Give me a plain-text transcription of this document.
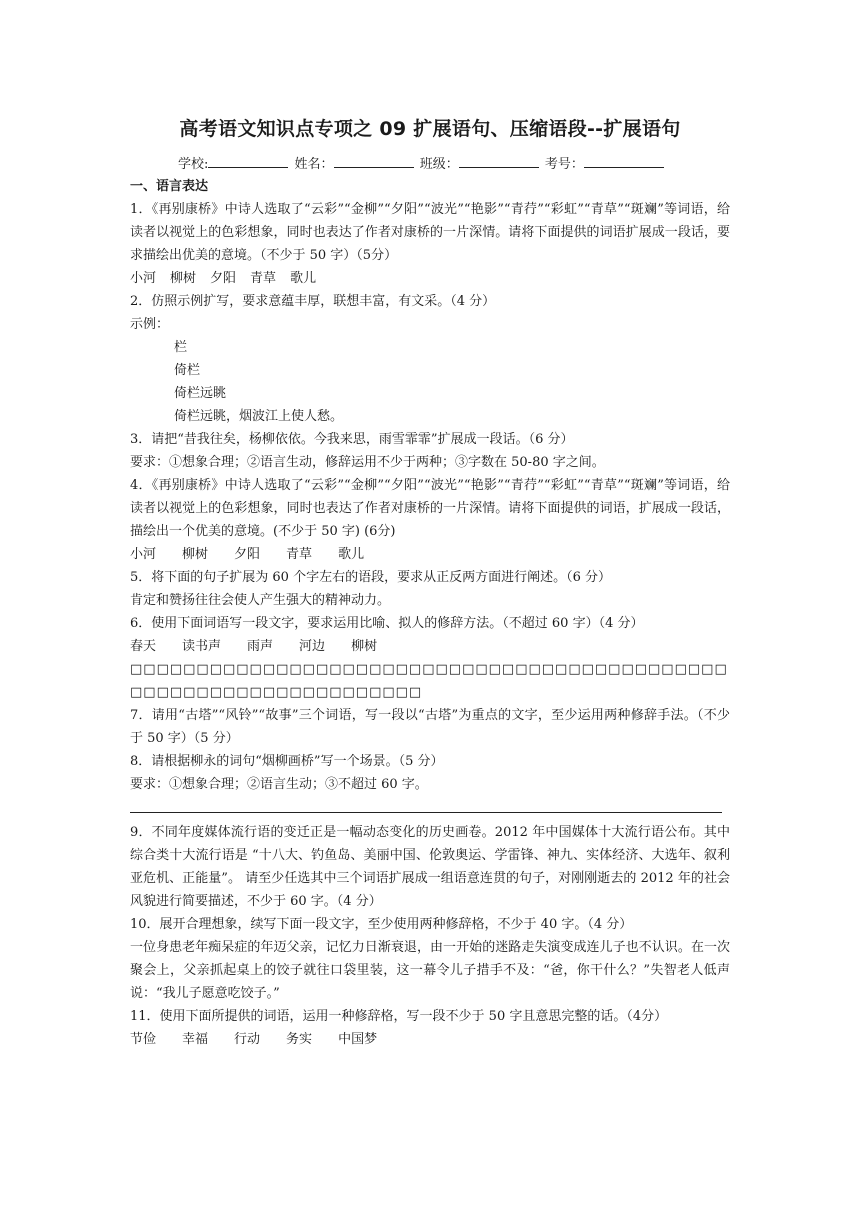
高考语文知识点专项之 09 扩展语句、压缩语段--扩展语句
学校:	姓名：	班级：	考号：
一、语言表达

1．《再别康桥》中诗人选取了“云彩”“金柳”“夕阳”“波光”“艳影”“青荇”“彩虹”“青草”“斑斓”等词语，给读者以视觉上的色彩想象，同时也表达了作者对康桥的一片深情。请将下面提供的词语扩展成一段话，要求描绘出优美的意境。（不少于 50 字）（5分）

小河 柳树 夕阳 青草 歌儿

2．仿照示例扩写，要求意蕴丰厚，联想丰富，有文采。（4 分）

示例：

栏

倚栏

倚栏远眺

倚栏远眺，烟波江上使人愁。

3．请把“昔我往矣，杨柳依依。今我来思，雨雪霏霏”扩展成一段话。（6 分）

要求：①想象合理；②语言生动，修辞运用不少于两种；③字数在 50-80 字之间。

4．《再别康桥》中诗人选取了“云彩”“金柳”“夕阳”“波光”“艳影”“青荇”“彩虹”“青草”“斑斓”等词语，给读者以视觉上的色彩想象，同时也表达了作者对康桥的一片深情。请将下面提供的词语，扩展成一段话，描绘出一个优美的意境。(不少于 50 字) (6分)

小河 柳树 夕阳 青草 歌儿

5．将下面的句子扩展为 60 个字左右的语段，要求从正反两方面进行阐述。（6 分）

肯定和赞扬往往会使人产生强大的精神动力。

6．使用下面词语写一段文字，要求运用比喻、拟人的修辞方法。（不超过 60 字）（4 分）

春天 读书声 雨声 河边 柳树

□□□□□□□□□□□□□□□□□□□□□□□□□□□□□□□□□□□□□□□□□□□□□
□□□□□□□□□□□□□□□□□□□□□□

7．请用“古塔”“风铃”“故事”三个词语，写一段以“古塔”为重点的文字，至少运用两种修辞手法。（不少于 50 字）（5 分）

8．请根据柳永的词句“烟柳画桥”写一个场景。（5 分）

要求：①想象合理；②语言生动；③不超过 60 字。

9．不同年度媒体流行语的变迁正是一幅动态变化的历史画卷。2012 年中国媒体十大流行语公布。其中综合类十大流行语是 “十八大、钓鱼岛、美丽中国、伦敦奥运、学雷锋、神九、实体经济、大选年、叙利亚危机、正能量”。 请至少任选其中三个词语扩展成一组语意连贯的句子，对刚刚逝去的 2012 年的社会风貌进行简要描述，不少于 60 字。（4 分）

10．展开合理想象，续写下面一段文字，至少使用两种修辞格，不少于 40 字。（4 分）

一位身患老年痴呆症的年迈父亲，记忆力日渐衰退，由一开始的迷路走失演变成连儿子也不认识。在一次聚会上，父亲抓起桌上的饺子就往口袋里装，这一幕令儿子措手不及：“爸，你干什么？”失智老人低声说：“我儿子愿意吃饺子。”

11．使用下面所提供的词语，运用一种修辞格，写一段不少于 50 字且意思完整的话。（4分）

节俭 幸福 行动 务实 中国梦
